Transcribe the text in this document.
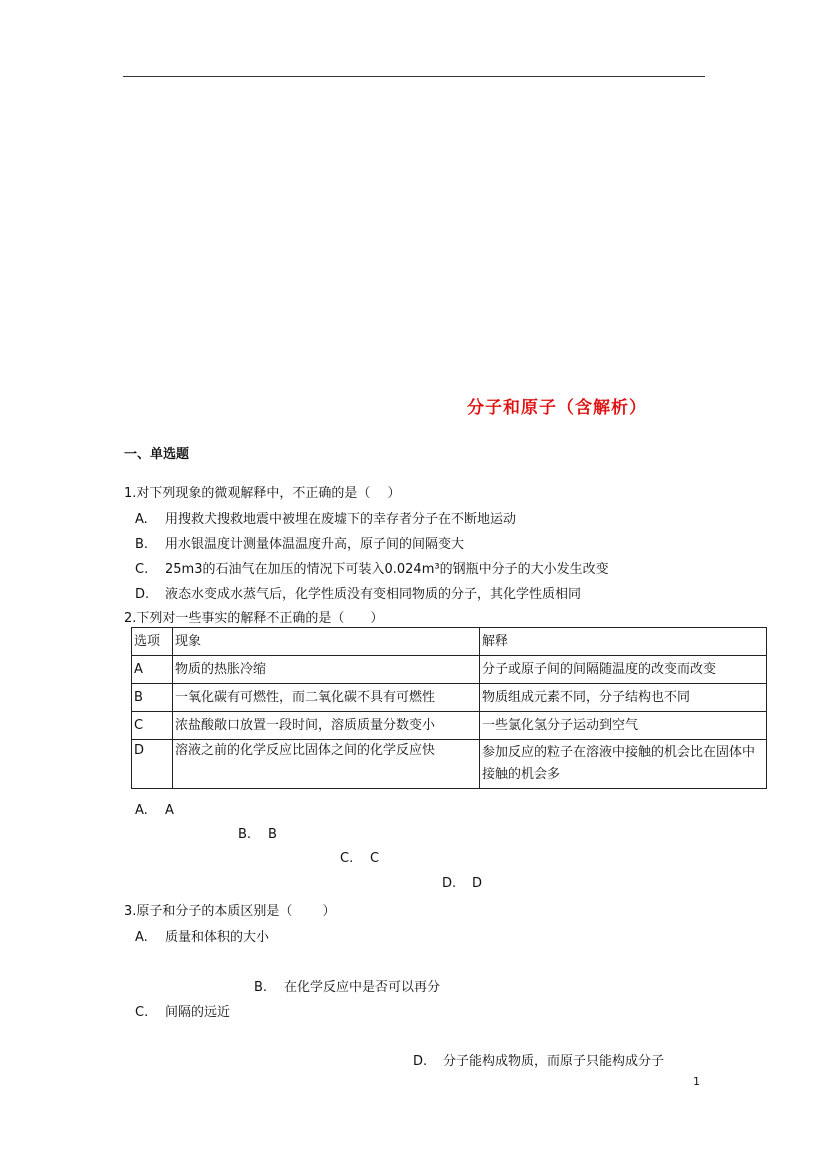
分子和原子（含解析）
一、单选题
1.对下列现象的微观解释中，不正确的是（　 ）
A. 用搜救犬搜救地震中被埋在废墟下的幸存者分子在不断地运动
B. 用水银温度计测量体温温度升高，原子间的间隔变大
C. 25m3的石油气在加压的情况下可装入0.024m³的钢瓶中分子的大小发生改变
D. 液态水变成水蒸气后，化学性质没有变相同物质的分子，其化学性质相同
2.下列对一些事实的解释不正确的是（　　）
选项	现象	解释
A	物质的热胀冷缩	分子或原子间的间隔随温度的改变而改变
B	一氧化碳有可燃性，而二氧化碳不具有可燃性	物质组成元素不同，分子结构也不同
C	浓盐酸敞口放置一段时间，溶质质量分数变小	一些氯化氢分子运动到空气
D	溶液之前的化学反应比固体之间的化学反应快	参加反应的粒子在溶液中接触的机会比在固体中接触的机会多
A. A
B. B
C. C
D. D
3.原子和分子的本质区别是（　　 ）
A. 质量和体积的大小
B. 在化学反应中是否可以再分
C. 间隔的远近
D. 分子能构成物质，而原子只能构成分子
1
